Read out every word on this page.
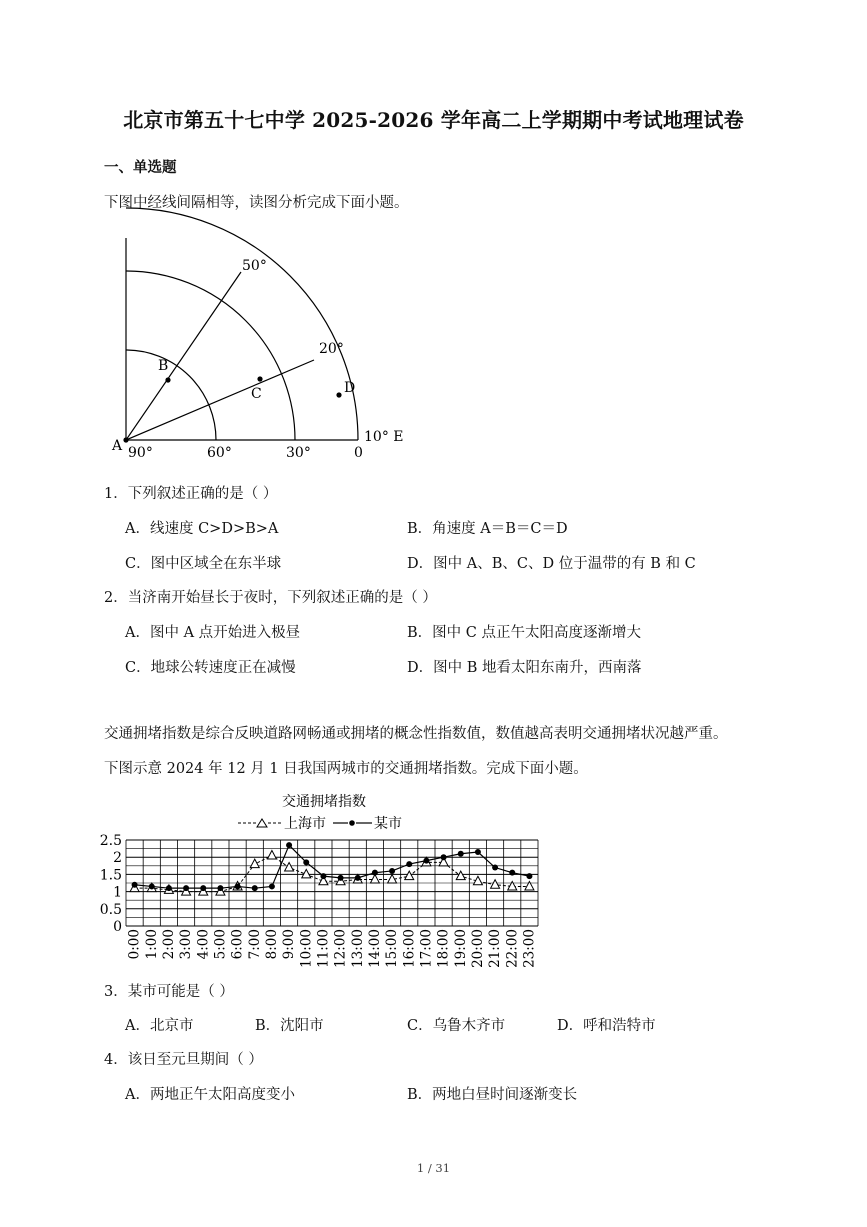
北京市第五十七中学 2025-2026 学年高二上学期期中考试地理试卷
一、单选题
下图中经线间隔相等，读图分析完成下面小题。
90°	60°	30°	0
50°
20°
10° E
A
B
C	D
1．下列叙述正确的是（ ）
A．线速度 C>D>B>A	B．角速度 A＝B＝C＝D
C．图中区域全在东半球	D．图中 A、B、C、D 位于温带的有 B 和 C
2．当济南开始昼长于夜时，下列叙述正确的是（ ）
A．图中 A 点开始进入极昼	B．图中 C 点正午太阳高度逐渐增大
C．地球公转速度正在减慢	D．图中 B 地看太阳东南升，西南落
交通拥堵指数是综合反映道路网畅通或拥堵的概念性指数值，数值越高表明交通拥堵状况越严重。
下图示意 2024 年 12 月 1 日我国两城市的交通拥堵指数。完成下面小题。
交通拥堵指数
上海市	某市
0
0.5
1
1.5
2
2.5
0:00 1:00 2:00 3:00 4:00 5:00 6:00 7:00 8:00 9:00 10:00 11:00 12:00 13:00 14:00 15:00 16:00 17:00 18:00 19:00 20:00 21:00 22:00 23:00
3．某市可能是（ ）
A．北京市	B．沈阳市	C．乌鲁木齐市	D．呼和浩特市
4．该日至元旦期间（ ）
A．两地正午太阳高度变小	B．两地白昼时间逐渐变长
1 / 31
